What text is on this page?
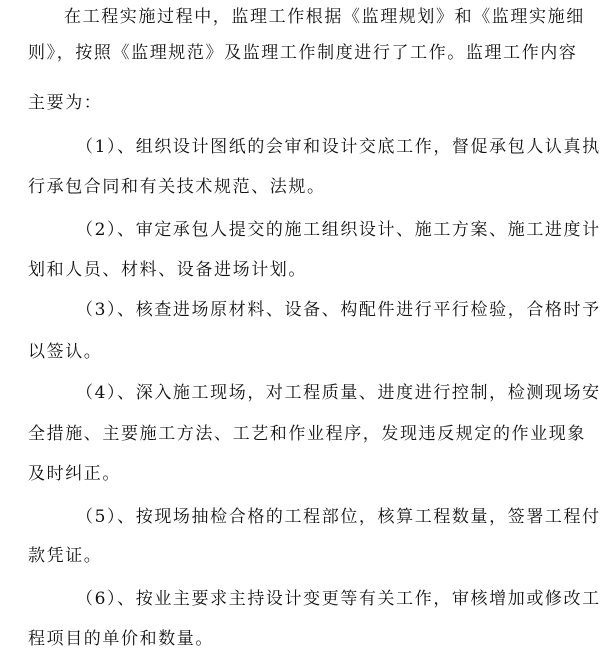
在工程实施过程中，监理工作根据《监理规划》和《监理实施细
则》，按照《监理规范》及监理工作制度进行了工作。监理工作内容
主要为：
（1）、组织设计图纸的会审和设计交底工作，督促承包人认真执
行承包合同和有关技术规范、法规。
（2）、审定承包人提交的施工组织设计、施工方案、施工进度计
划和人员、材料、设备进场计划。
（3）、核查进场原材料、设备、构配件进行平行检验，合格时予
以签认。
（4）、深入施工现场，对工程质量、进度进行控制，检测现场安
全措施、主要施工方法、工艺和作业程序，发现违反规定的作业现象
及时纠正。
（5）、按现场抽检合格的工程部位，核算工程数量，签署工程付
款凭证。
（6）、按业主要求主持设计变更等有关工作，审核增加或修改工
程项目的单价和数量。
